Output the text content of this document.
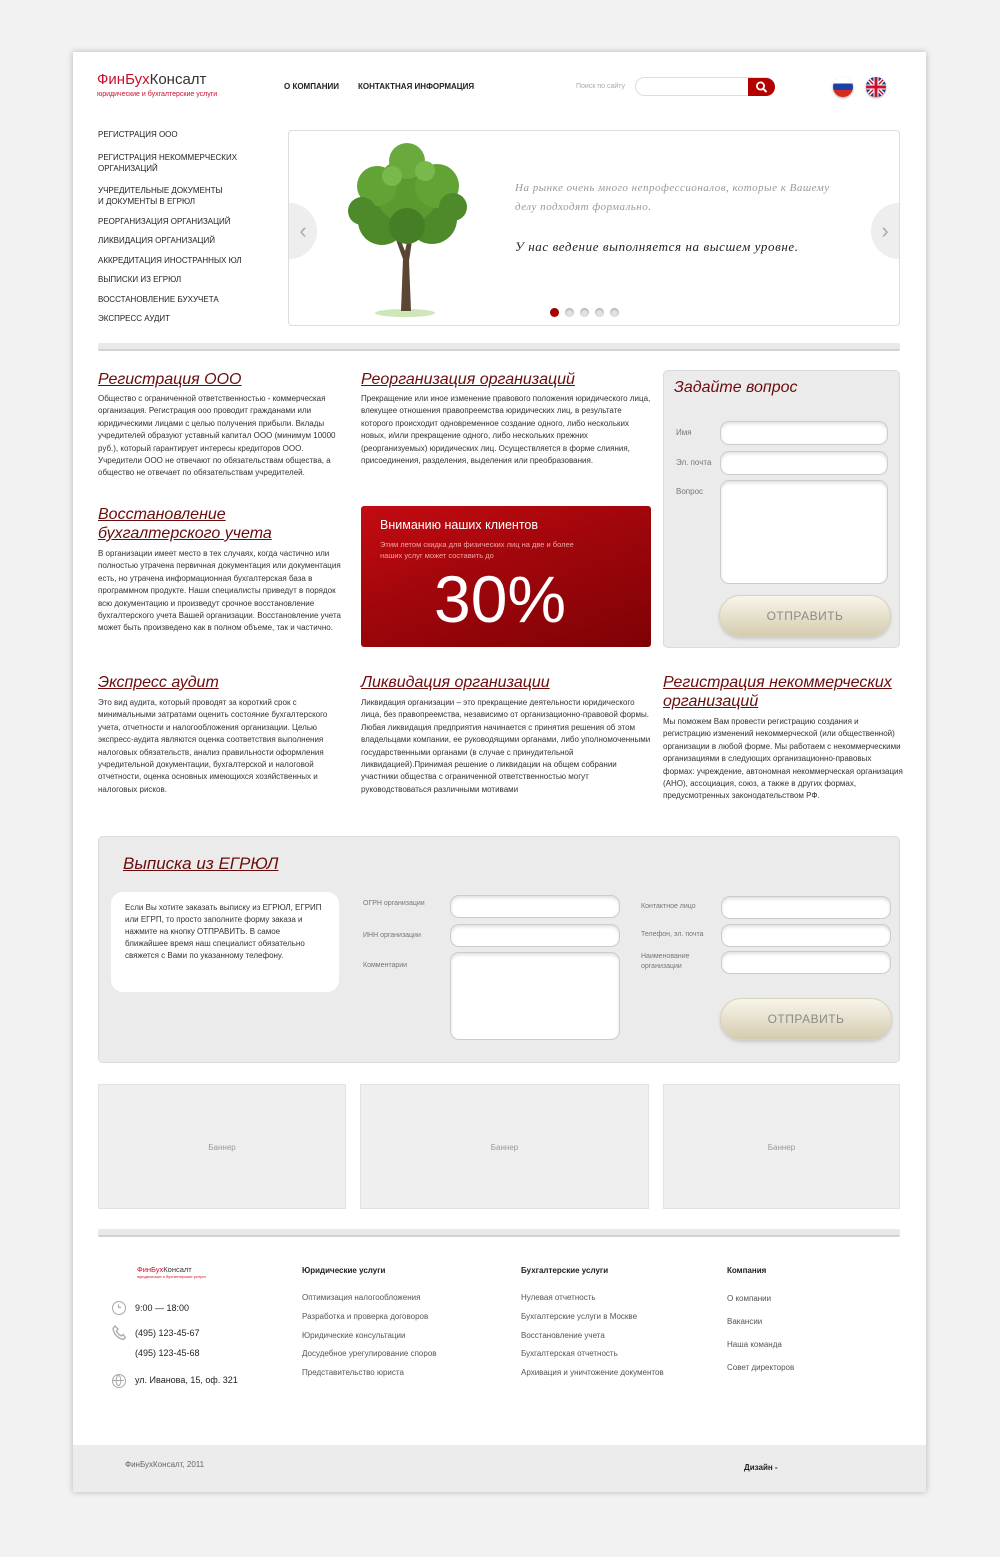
ФинБухКонсалт
юридические и бухгалтерские услуги
О КОМПАНИИ КОНТАКТНАЯ ИНФОРМАЦИЯ	Поиск по сайту
РЕГИСТРАЦИЯ ООО
РЕГИСТРАЦИЯ НЕКОММЕРЧЕСКИХ ОРГАНИЗАЦИЙ
УЧРЕДИТЕЛЬНЫЕ ДОКУМЕНТЫ И ДОКУМЕНТЫ В ЕГРЮЛ
РЕОРГАНИЗАЦИЯ ОРГАНИЗАЦИЙ
ЛИКВИДАЦИЯ ОРГАНИЗАЦИЙ
АККРЕДИТАЦИЯ ИНОСТРАННЫХ ЮЛ
ВЫПИСКИ ИЗ ЕГРЮЛ
ВОССТАНОВЛЕНИЕ БУХУЧЕТА
ЭКСПРЕСС АУДИТ
‹	›
На рынке очень много непрофессионалов, которые к Вашему делу подходят формально.
У нас ведение выполняется на высшем уровне.
Регистрация ООО
Общество с ограниченной ответственностью - коммерческая организация. Регистрация ооо проводит гражданами или юридическими лицами с целью получения прибыли. Вклады учредителей образуют уставный капитал ООО (минимум 10000 руб.), который гарантирует интересы кредиторов ООО. Учредители ООО не отвечают по обязательствам общества, а общество не отвечает по обязательствам учредителей.
Реорганизация организаций
Прекращение или иное изменение правового положения юридического лица, влекущее отношения правопреемства юридических лиц, в результате которого происходит одновременное создание одного, либо нескольких новых, и/или прекращение одного, либо нескольких прежних (реорганизуемых) юридических лиц. Осуществляется в форме слияния, присоединения, разделения, выделения или преобразования.
Задайте вопрос
Имя
Эл. почта
Вопрос
ОТПРАВИТЬ
Восстановление бухгалтерского учета
В организации имеет место в тех случаях, когда частично или полностью утрачена первичная документация или документация есть, но утрачена информационная бухгалтерская база в программном продукте. Наши специалисты приведут в порядок всю документацию и произведут срочное восстановление бухгалтерского учета Вашей организации. Восстановление учета может быть произведено как в полном объеме, так и частично.
Вниманию наших клиентов
Этим летом скидка для физических лиц на две и более наших услуг может составить до
30%
Экспресс аудит
Это вид аудита, который проводят за короткий срок с минимальными затратами оценить состояние бухгалтерского учета, отчетности и налогообложения организации. Целью экспресс-аудита являются оценка соответствия выполнения налоговых обязательств, анализ правильности оформления учредительной документации, бухгалтерской и налоговой отчетности, оценка основных имеющихся хозяйственных и налоговых рисков.
Ликвидация организации
Ликвидация организации – это прекращение деятельности юридического лица, без правопреемства, независимо от организационно-правовой формы. Любая ликвидация предприятия начинается с принятия решения об этом владельцами компании, ее руководящими органами, либо уполномоченными государственными органами (в случае с принудительной ликвидацией).Принимая решение о ликвидации на общем собрании участники общества с ограниченной ответственностью могут руководствоваться различными мотивами
Регистрация некоммерческих организаций
Мы поможем Вам провести регистрацию создания и регистрацию изменений некоммерческой (или общественной) организации в любой форме. Мы работаем с некоммерческими организациями в следующих организационно-правовых формах: учреждение, автономная некоммерческая организация (АНО), ассоциация, союз, а также в других формах, предусмотренных законодательством РФ.
Выписка из ЕГРЮЛ
Если Вы хотите заказать выписку из ЕГРЮЛ, ЕГРИП или ЕГРП, то просто заполните форму заказа и нажмите на кнопку ОТПРАВИТЬ. В самое ближайшее время наш специалист обязательно свяжется с Вами по указанному телефону.
ОГРН организации
ИНН организации
Комментарии
Контактное лицо
Телефон, эл. почта
Наименование организации
ОТПРАВИТЬ
Баннер	Баннер	Баннер
ФинБухКонсалт
юридические и бухгалтерские услуги
9:00 — 18:00
(495) 123-45-67
(495) 123-45-68
ул. Иванова, 15, оф. 321
Юридические услуги
Оптимизация налогообложения
Разработка и проверка договоров
Юридические консультации
Досудебное урегулирование споров
Представительство юриста
Бухгалтерские услуги
Нулевая отчетность
Бухгалтерские услуги в Москве
Восстановление учета
Бухгалтерская отчетность
Архивация и уничтожение документов
Компания
О компании
Вакансии
Наша команда
Совет директоров
ФинБухКонсалт, 2011	Дизайн -
